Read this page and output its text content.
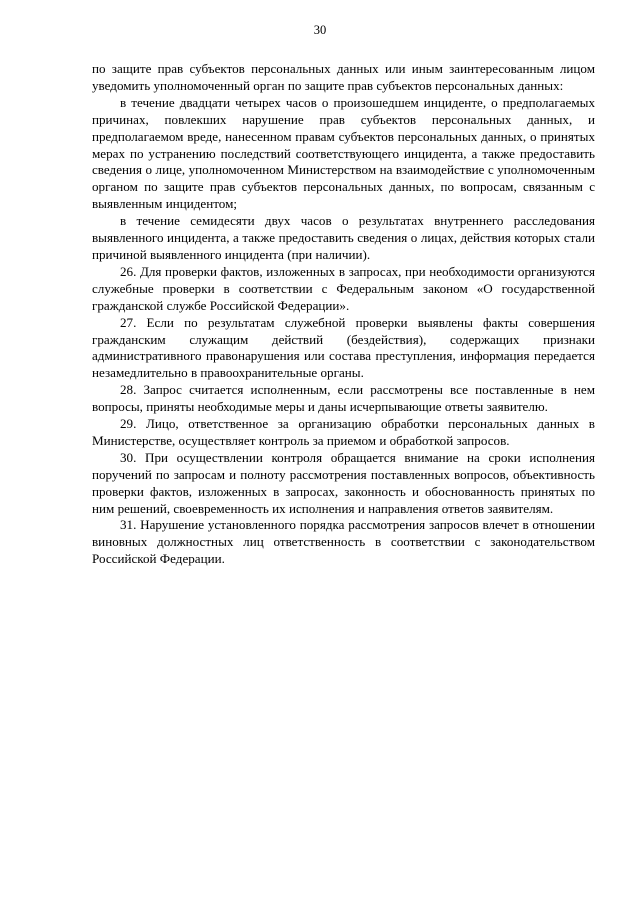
30

по защите прав субъектов персональных данных или иным заинтересованным лицом уведомить уполномоченный орган по защите прав субъектов персональных данных:

в течение двадцати четырех часов о произошедшем инциденте, о предполагаемых причинах, повлекших нарушение прав субъектов персональных данных, и предполагаемом вреде, нанесенном правам субъектов персональных данных, о принятых мерах по устранению последствий соответствующего инцидента, а также предоставить сведения о лице, уполномоченном Министерством на взаимодействие с уполномоченным органом по защите прав субъектов персональных данных, по вопросам, связанным с выявленным инцидентом;

в течение семидесяти двух часов о результатах внутреннего расследования выявленного инцидента, а также предоставить сведения о лицах, действия которых стали причиной выявленного инцидента (при наличии).

26. Для проверки фактов, изложенных в запросах, при необходимости организуются служебные проверки в соответствии с Федеральным законом «О государственной гражданской службе Российской Федерации».

27. Если по результатам служебной проверки выявлены факты совершения гражданским служащим действий (бездействия), содержащих признаки административного правонарушения или состава преступления, информация передается незамедлительно в правоохранительные органы.

28. Запрос считается исполненным, если рассмотрены все поставленные в нем вопросы, приняты необходимые меры и даны исчерпывающие ответы заявителю.

29. Лицо, ответственное за организацию обработки персональных данных в Министерстве, осуществляет контроль за приемом и обработкой запросов.

30. При осуществлении контроля обращается внимание на сроки исполнения поручений по запросам и полноту рассмотрения поставленных вопросов, объективность проверки фактов, изложенных в запросах, законность и обоснованность принятых по ним решений, своевременность их исполнения и направления ответов заявителям.

31. Нарушение установленного порядка рассмотрения запросов влечет в отношении виновных должностных лиц ответственность в соответствии с законодательством Российской Федерации.
